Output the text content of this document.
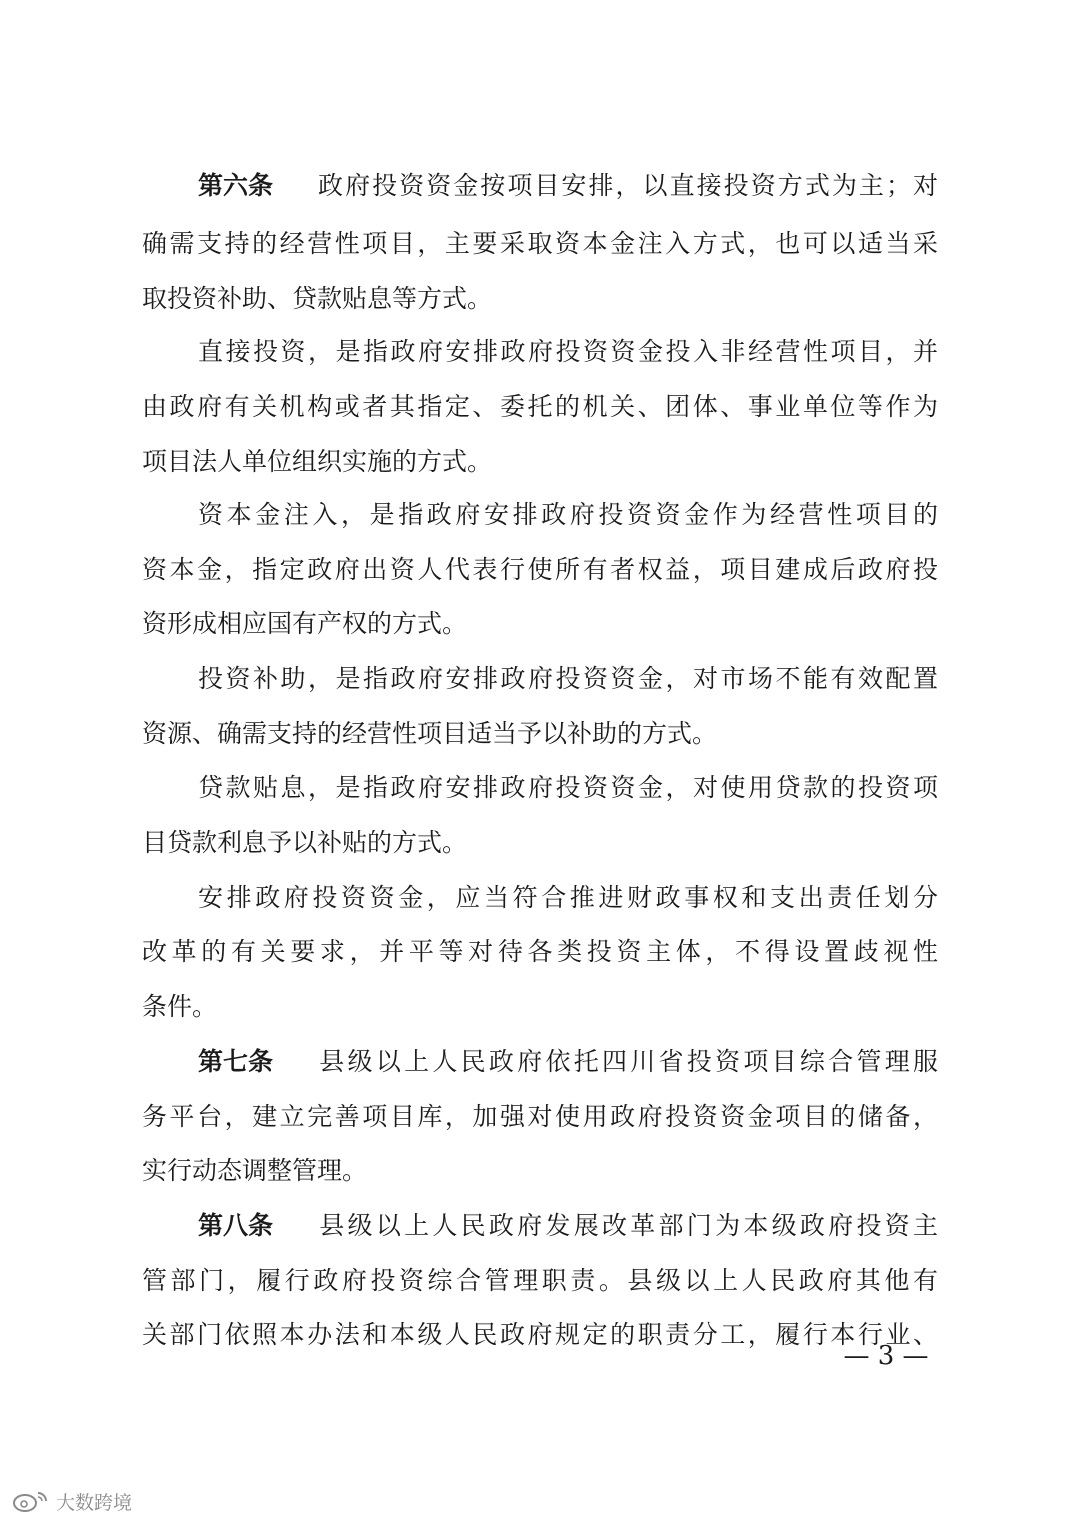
第六条 政府投资资金按项目安排，以直接投资方式为主；对
确需支持的经营性项目，主要采取资本金注入方式，也可以适当采
取投资补助、贷款贴息等方式。
直接投资，是指政府安排政府投资资金投入非经营性项目，并
由政府有关机构或者其指定、委托的机关、团体、事业单位等作为
项目法人单位组织实施的方式。
资本金注入，是指政府安排政府投资资金作为经营性项目的
资本金，指定政府出资人代表行使所有者权益，项目建成后政府投
资形成相应国有产权的方式。
投资补助，是指政府安排政府投资资金，对市场不能有效配置
资源、确需支持的经营性项目适当予以补助的方式。
贷款贴息，是指政府安排政府投资资金，对使用贷款的投资项
目贷款利息予以补贴的方式。
安排政府投资资金，应当符合推进财政事权和支出责任划分
改革的有关要求，并平等对待各类投资主体，不得设置歧视性
条件。
第七条 县级以上人民政府依托四川省投资项目综合管理服
务平台，建立完善项目库，加强对使用政府投资资金项目的储备，
实行动态调整管理。
第八条 县级以上人民政府发展改革部门为本级政府投资主
管部门，履行政府投资综合管理职责。县级以上人民政府其他有
关部门依照本办法和本级人民政府规定的职责分工，履行本行业、
— 3 —
大数跨境
